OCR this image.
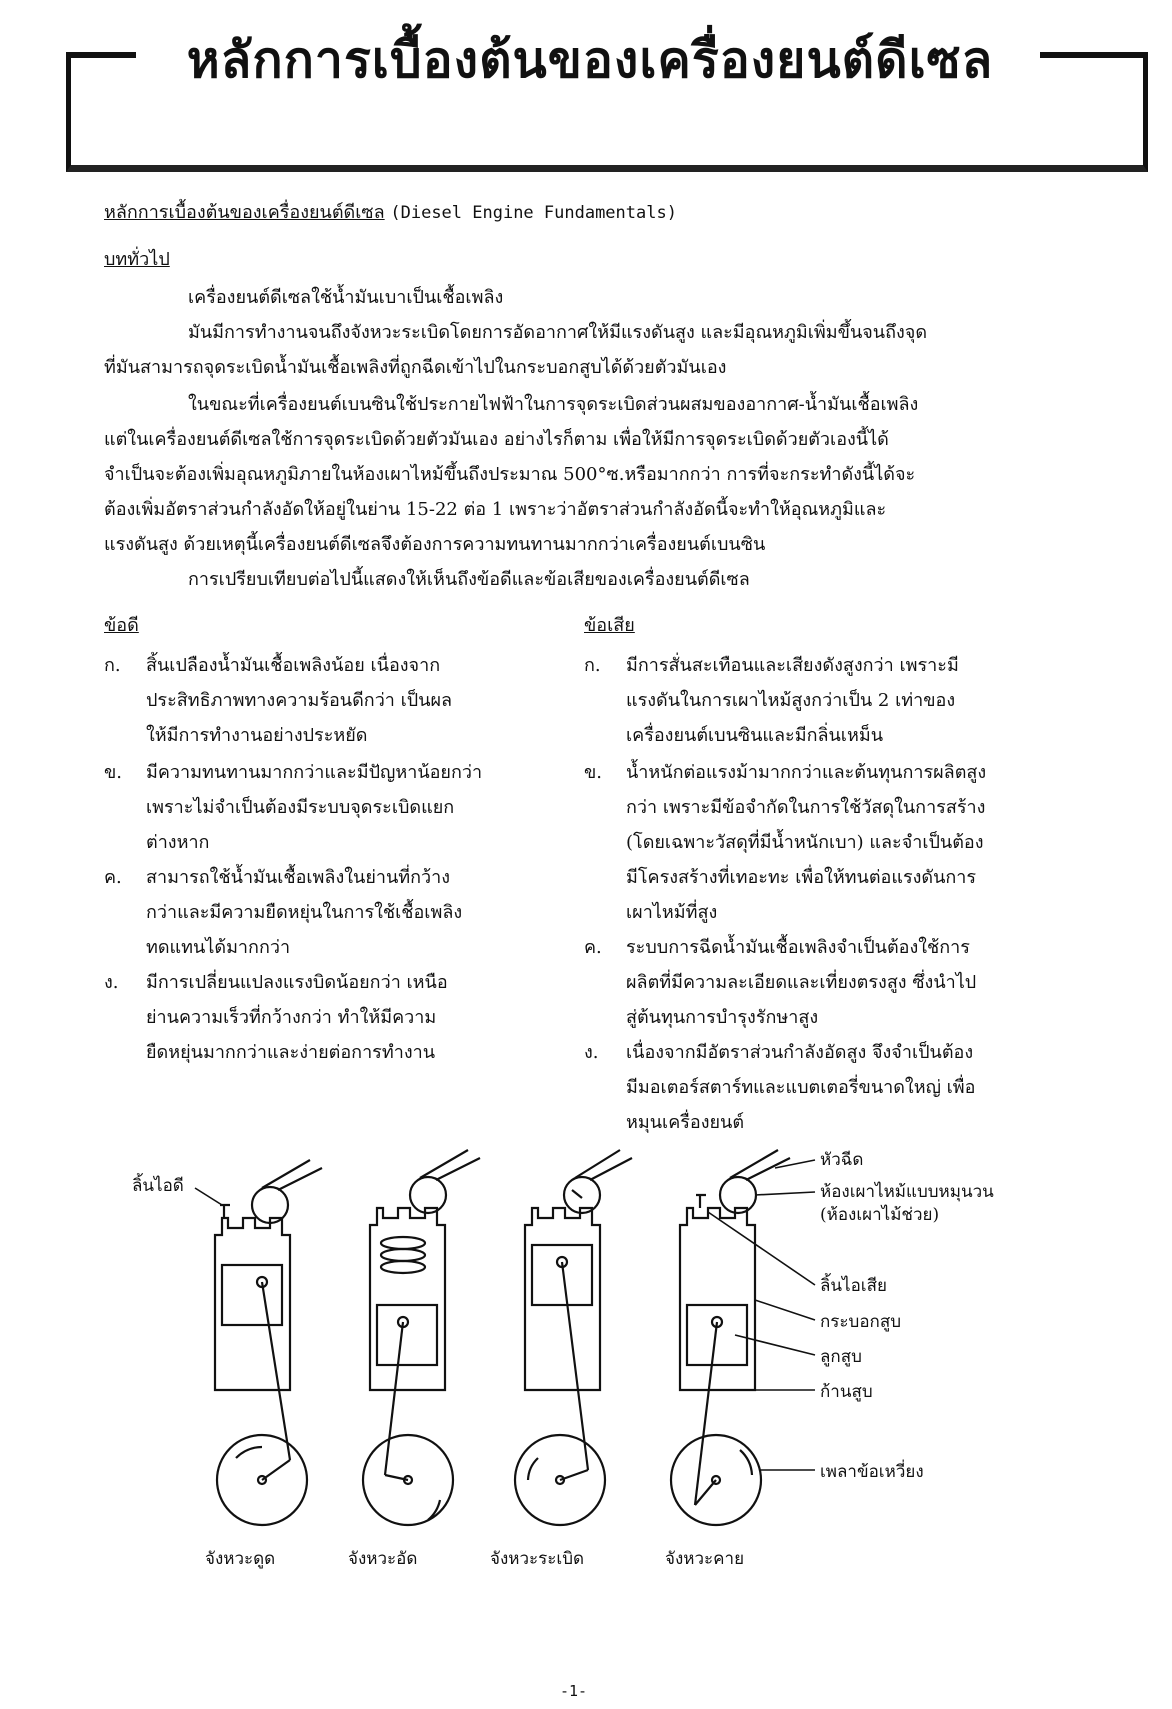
หลักการเบื้องต้นของเครื่องยนต์ดีเซล
หลักการเบื้องต้นของเครื่องยนต์ดีเซล (Diesel Engine Fundamentals)
บททั่วไป
เครื่องยนต์ดีเซลใช้น้ำมันเบาเป็นเชื้อเพลิง
มันมีการทำงานจนถึงจังหวะระเบิดโดยการอัดอากาศให้มีแรงดันสูง และมีอุณหภูมิเพิ่มขึ้นจนถึงจุด
ที่มันสามารถจุดระเบิดน้ำมันเชื้อเพลิงที่ถูกฉีดเข้าไปในกระบอกสูบได้ด้วยตัวมันเอง
ในขณะที่เครื่องยนต์เบนซินใช้ประกายไฟฟ้าในการจุดระเบิดส่วนผสมของอากาศ-น้ำมันเชื้อเพลิง
แต่ในเครื่องยนต์ดีเซลใช้การจุดระเบิดด้วยตัวมันเอง อย่างไรก็ตาม เพื่อให้มีการจุดระเบิดด้วยตัวเองนี้ได้
จำเป็นจะต้องเพิ่มอุณหภูมิภายในห้องเผาไหม้ขึ้นถึงประมาณ 500°ซ.หรือมากกว่า การที่จะกระทำดังนี้ได้จะ
ต้องเพิ่มอัตราส่วนกำลังอัดให้อยู่ในย่าน 15-22 ต่อ 1 เพราะว่าอัตราส่วนกำลังอัดนี้จะทำให้อุณหภูมิและ
แรงดันสูง ด้วยเหตุนี้เครื่องยนต์ดีเซลจึงต้องการความทนทานมากกว่าเครื่องยนต์เบนซิน
การเปรียบเทียบต่อไปนี้แสดงให้เห็นถึงข้อดีและข้อเสียของเครื่องยนต์ดีเซล
ข้อดี
ก. สิ้นเปลืองน้ำมันเชื้อเพลิงน้อย เนื่องจาก
ประสิทธิภาพทางความร้อนดีกว่า เป็นผล
ให้มีการทำงานอย่างประหยัด
ข. มีความทนทานมากกว่าและมีปัญหาน้อยกว่า
เพราะไม่จำเป็นต้องมีระบบจุดระเบิดแยก
ต่างหาก
ค. สามารถใช้น้ำมันเชื้อเพลิงในย่านที่กว้าง
กว่าและมีความยืดหยุ่นในการใช้เชื้อเพลิง
ทดแทนได้มากกว่า
ง. มีการเปลี่ยนแปลงแรงบิดน้อยกว่า เหนือ
ย่านความเร็วที่กว้างกว่า ทำให้มีความ
ยืดหยุ่นมากกว่าและง่ายต่อการทำงาน
ข้อเสีย
ก. มีการสั่นสะเทือนและเสียงดังสูงกว่า เพราะมี
แรงดันในการเผาไหม้สูงกว่าเป็น 2 เท่าของ
เครื่องยนต์เบนซินและมีกลิ่นเหม็น
ข. น้ำหนักต่อแรงม้ามากกว่าและต้นทุนการผลิตสูง
กว่า เพราะมีข้อจำกัดในการใช้วัสดุในการสร้าง
(โดยเฉพาะวัสดุที่มีน้ำหนักเบา) และจำเป็นต้อง
มีโครงสร้างที่เทอะทะ เพื่อให้ทนต่อแรงดันการ
เผาไหม้ที่สูง
ค. ระบบการฉีดน้ำมันเชื้อเพลิงจำเป็นต้องใช้การ
ผลิตที่มีความละเอียดและเที่ยงตรงสูง ซึ่งนำไป
สู่ต้นทุนการบำรุงรักษาสูง
ง. เนื่องจากมีอัตราส่วนกำลังอัดสูง จึงจำเป็นต้อง
มีมอเตอร์สตาร์ทและแบตเตอรี่ขนาดใหญ่ เพื่อ
หมุนเครื่องยนต์
ลิ้นไอดี
หัวฉีด
ห้องเผาไหม้แบบหมุนวน
(ห้องเผาไม้ช่วย)
ลิ้นไอเสีย
กระบอกสูบ
ลูกสูบ
ก้านสูบ
เพลาข้อเหวี่ยง
จังหวะดูด	จังหวะอัด	จังหวะระเบิด	จังหวะคาย
-1-
